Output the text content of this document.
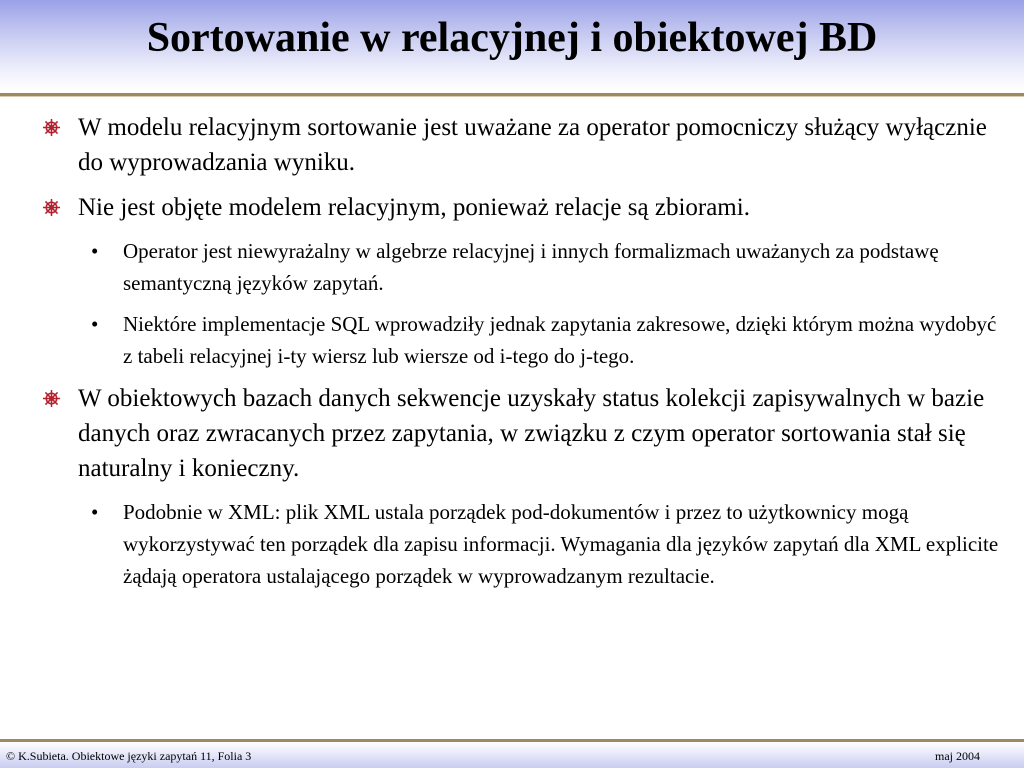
Sortowanie w relacyjnej i obiektowej BD
W modelu relacyjnym sortowanie jest uważane za operator pomocniczy służący wyłącznie do wyprowadzania wyniku.
Nie jest objęte modelem relacyjnym, ponieważ relacje są zbiorami.
• Operator jest niewyrażalny w algebrze relacyjnej i innych formalizmach uważanych za podstawę semantyczną języków zapytań.
• Niektóre implementacje SQL wprowadziły jednak zapytania zakresowe, dzięki którym można wydobyć z tabeli relacyjnej i-ty wiersz lub wiersze od i-tego do j-tego.
W obiektowych bazach danych sekwencje uzyskały status kolekcji zapisywalnych w bazie danych oraz zwracanych przez zapytania, w związku z czym operator sortowania stał się naturalny i konieczny.
• Podobnie w XML: plik XML ustala porządek pod-dokumentów i przez to użytkownicy mogą wykorzystywać ten porządek dla zapisu informacji. Wymagania dla języków zapytań dla XML explicite żądają operatora ustalającego porządek w wyprowadzanym rezultacie.
© K.Subieta. Obiektowe języki zapytań 11, Folia 3	maj 2004
